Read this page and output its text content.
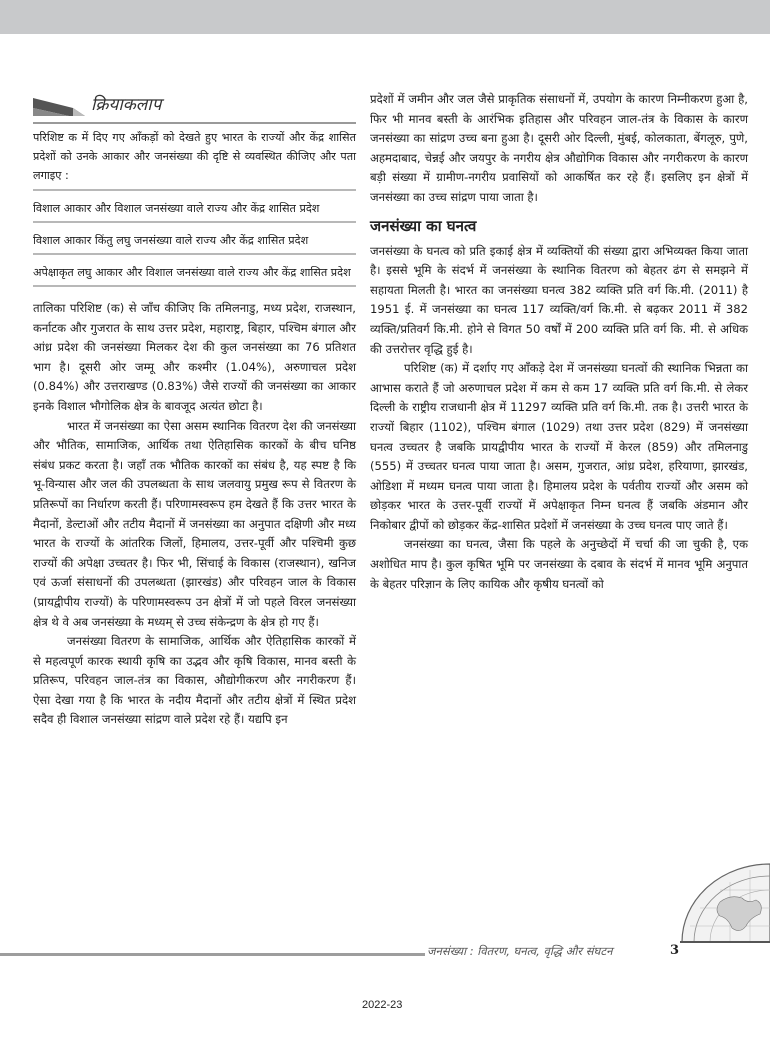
क्रियाकलाप
परिशिष्ट क में दिए गए आँकड़ों को देखते हुए भारत के राज्यों और केंद्र शासित प्रदेशों को उनके आकार और जनसंख्या की दृष्टि से व्यवस्थित कीजिए और पता लगाइए :
विशाल आकार और विशाल जनसंख्या वाले राज्य और केंद्र शासित प्रदेश
विशाल आकार किंतु लघु जनसंख्या वाले राज्य और केंद्र शासित प्रदेश
अपेक्षाकृत लघु आकार और विशाल जनसंख्या वाले राज्य और केंद्र शासित प्रदेश

तालिका परिशिष्ट (क) से जाँच कीजिए कि तमिलनाडु, मध्य प्रदेश, राजस्थान, कर्नाटक और गुजरात के साथ उत्तर प्रदेश, महाराष्ट्र, बिहार, पश्चिम बंगाल और आंध्र प्रदेश की जनसंख्या मिलकर देश की कुल जनसंख्या का 76 प्रतिशत भाग है। दूसरी ओर जम्मू और कश्मीर (1.04%), अरुणाचल प्रदेश (0.84%) और उत्तराखण्ड (0.83%) जैसे राज्यों की जनसंख्या का आकार इनके विशाल भौगोलिक क्षेत्र के बावजूद अत्यंत छोटा है।

भारत में जनसंख्या का ऐसा असम स्थानिक वितरण देश की जनसंख्या और भौतिक, सामाजिक, आर्थिक तथा ऐतिहासिक कारकों के बीच घनिष्ठ संबंध प्रकट करता है। जहाँ तक भौतिक कारकों का संबंध है, यह स्पष्ट है कि भू-विन्यास और जल की उपलब्धता के साथ जलवायु प्रमुख रूप से वितरण के प्रतिरूपों का निर्धारण करती हैं। परिणामस्वरूप हम देखते हैं कि उत्तर भारत के मैदानों, डेल्टाओं और तटीय मैदानों में जनसंख्या का अनुपात दक्षिणी और मध्य भारत के राज्यों के आंतरिक जिलों, हिमालय, उत्तर-पूर्वी और पश्चिमी कुछ राज्यों की अपेक्षा उच्चतर है। फिर भी, सिंचाई के विकास (राजस्थान), खनिज एवं ऊर्जा संसाधनों की उपलब्धता (झारखंड) और परिवहन जाल के विकास (प्रायद्वीपीय राज्यों) के परिणामस्वरूप उन क्षेत्रों में जो पहले विरल जनसंख्या क्षेत्र थे वे अब जनसंख्या के मध्यम् से उच्च संकेन्द्रण के क्षेत्र हो गए हैं।

जनसंख्या वितरण के सामाजिक, आर्थिक और ऐतिहासिक कारकों में से महत्वपूर्ण कारक स्थायी कृषि का उद्भव और कृषि विकास, मानव बस्ती के प्रतिरूप, परिवहन जाल-तंत्र का विकास, औद्योगीकरण और नगरीकरण हैं। ऐसा देखा गया है कि भारत के नदीय मैदानों और तटीय क्षेत्रों में स्थित प्रदेश सदैव ही विशाल जनसंख्या सांद्रण वाले प्रदेश रहे हैं। यद्यपि इन

प्रदेशों में जमीन और जल जैसे प्राकृतिक संसाधनों में, उपयोग के कारण निम्नीकरण हुआ है, फिर भी मानव बस्ती के आरंभिक इतिहास और परिवहन जाल-तंत्र के विकास के कारण जनसंख्या का सांद्रण उच्च बना हुआ है। दूसरी ओर दिल्ली, मुंबई, कोलकाता, बेंगलूरु, पुणे, अहमदाबाद, चेन्नई और जयपुर के नगरीय क्षेत्र औद्योगिक विकास और नगरीकरण के कारण बड़ी संख्या में ग्रामीण-नगरीय प्रवासियों को आकर्षित कर रहे हैं। इसलिए इन क्षेत्रों में जनसंख्या का उच्च सांद्रण पाया जाता है।

जनसंख्या का घनत्व

जनसंख्या के घनत्व को प्रति इकाई क्षेत्र में व्यक्तियों की संख्या द्वारा अभिव्यक्त किया जाता है। इससे भूमि के संदर्भ में जनसंख्या के स्थानिक वितरण को बेहतर ढंग से समझने में सहायता मिलती है। भारत का जनसंख्या घनत्व 382 व्यक्ति प्रति वर्ग कि.मी. (2011) है 1951 ई. में जनसंख्या का घनत्व 117 व्यक्ति/वर्ग कि.मी. से बढ़कर 2011 में 382 व्यक्ति/प्रतिवर्ग कि.मी. होने से विगत 50 वर्षों में 200 व्यक्ति प्रति वर्ग कि. मी. से अधिक की उत्तरोत्तर वृद्धि हुई है।

परिशिष्ट (क) में दर्शाए गए आँकड़े देश में जनसंख्या घनत्वों की स्थानिक भिन्नता का आभास कराते हैं जो अरुणाचल प्रदेश में कम से कम 17 व्यक्ति प्रति वर्ग कि.मी. से लेकर दिल्ली के राष्ट्रीय राजधानी क्षेत्र में 11297 व्यक्ति प्रति वर्ग कि.मी. तक है। उत्तरी भारत के राज्यों बिहार (1102), पश्चिम बंगाल (1029) तथा उत्तर प्रदेश (829) में जनसंख्या घनत्व उच्चतर है जबकि प्रायद्वीपीय भारत के राज्यों में केरल (859) और तमिलनाडु (555) में उच्चतर घनत्व पाया जाता है। असम, गुजरात, आंध्र प्रदेश, हरियाणा, झारखंड, ओडिशा में मध्यम घनत्व पाया जाता है। हिमालय प्रदेश के पर्वतीय राज्यों और असम को छोड़कर भारत के उत्तर-पूर्वी राज्यों में अपेक्षाकृत निम्न घनत्व हैं जबकि अंडमान और निकोबार द्वीपों को छोड़कर केंद्र-शासित प्रदेशों में जनसंख्या के उच्च घनत्व पाए जाते हैं।

जनसंख्या का घनत्व, जैसा कि पहले के अनुच्छेदों में चर्चा की जा चुकी है, एक अशोधित माप है। कुल कृषित भूमि पर जनसंख्या के दबाव के संदर्भ में मानव भूमि अनुपात के बेहतर परिज्ञान के लिए कायिक और कृषीय घनत्वों को

जनसंख्या : वितरण, घनत्व, वृद्धि और संघटन	3
2022-23
